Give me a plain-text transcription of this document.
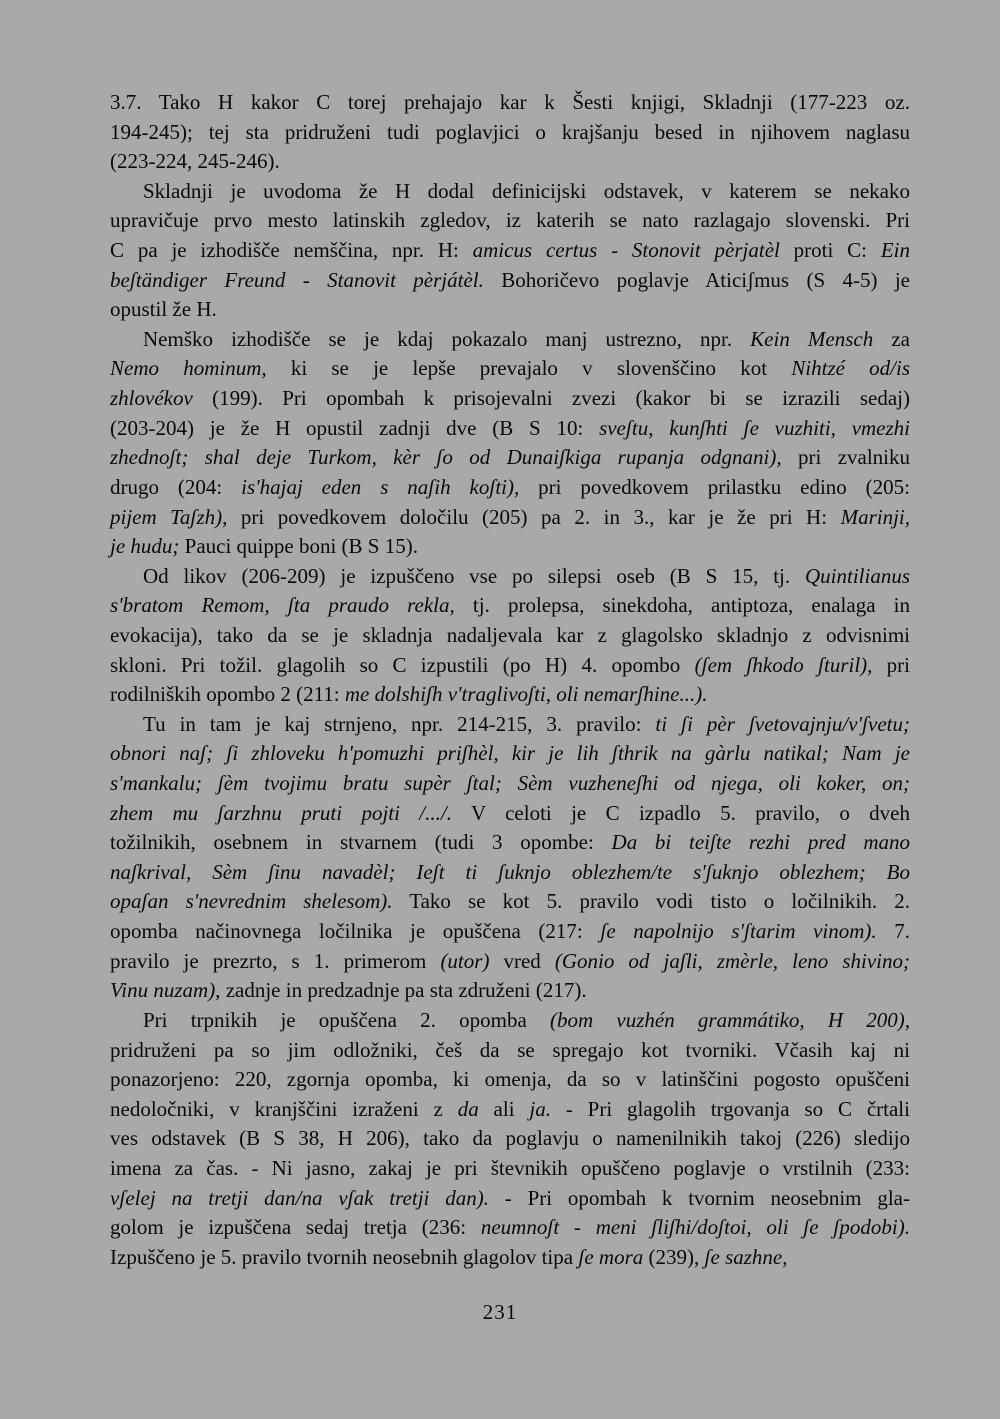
3.7. Tako H kakor C torej prehajajo kar k Šesti knjigi, Skladnji (177-223 oz.
194-245); tej sta pridruženi tudi poglavjici o krajšanju besed in njihovem naglasu
(223-224, 245-246).
Skladnji je uvodoma že H dodal definicijski odstavek, v katerem se nekako
upravičuje prvo mesto latinskih zgledov, iz katerih se nato razlagajo slovenski. Pri
C pa je izhodišče nemščina, npr. H: amicus certus - Stonovit pèrjatèl proti C: Ein
beʃtändiger Freund - Stanovit pèrjátèl. Bohoričevo poglavje Aticiʃmus (S 4-5) je
opustil že H.
Nemško izhodišče se je kdaj pokazalo manj ustrezno, npr. Kein Mensch za
Nemo hominum, ki se je lepše prevajalo v slovenščino kot Nihtzé od/is
zhlovékov (199). Pri opombah k prisojevalni zvezi (kakor bi se izrazili sedaj)
(203-204) je že H opustil zadnji dve (B S 10: sveʃtu, kunʃhti ʃe vuzhiti, vmezhi
zhednoʃt; shal deje Turkom, kèr ʃo od Dunaiʃkiga rupanja odgnani), pri zvalniku
drugo (204: is'hajaj eden s naʃih koʃti), pri povedkovem prilastku edino (205:
pijem Taʃzh), pri povedkovem določilu (205) pa 2. in 3., kar je že pri H: Marinji,
je hudu; Pauci quippe boni (B S 15).
Od likov (206-209) je izpuščeno vse po silepsi oseb (B S 15, tj. Quintilianus
s'bratom Remom, ʃta praudo rekla, tj. prolepsa, sinekdoha, antiptoza, enalaga in
evokacija), tako da se je skladnja nadaljevala kar z glagolsko skladnjo z odvisnimi
skloni. Pri tožil. glagolih so C izpustili (po H) 4. opombo (ʃem ʃhkodo ʃturil), pri
rodilniških opombo 2 (211: me dolshiʃh v'traglivoʃti, oli nemarʃhine...).
Tu in tam je kaj strnjeno, npr. 214-215, 3. pravilo: ti ʃi pèr ʃvetovajnju/v'ʃvetu;
obnori naʃ; ʃi zhloveku h'pomuzhi priʃhèl, kir je lih ʃthrik na gàrlu natikal; Nam je
s'mankalu; ʃèm tvojimu bratu supèr ʃtal; Sèm vuzheneʃhi od njega, oli koker, on;
zhem mu ʃarzhnu pruti pojti /.../. V celoti je C izpadlo 5. pravilo, o dveh
tožilnikih, osebnem in stvarnem (tudi 3 opombe: Da bi teiʃte rezhi pred mano
naʃkrival, Sèm ʃinu navadèl; Ieʃt ti ʃuknjo oblezhem/te s'ʃuknjo oblezhem; Bo
opaʃan s'nevrednim shelesom). Tako se kot 5. pravilo vodi tisto o ločilnikih. 2.
opomba načinovnega ločilnika je opuščena (217: ʃe napolnijo s'ʃtarim vinom). 7.
pravilo je prezrto, s 1. primerom (utor) vred (Gonio od jaʃli, zmèrle, leno shivino;
Vinu nuzam), zadnje in predzadnje pa sta združeni (217).
Pri trpnikih je opuščena 2. opomba (bom vuzhén grammátiko, H 200),
pridruženi pa so jim odložniki, češ da se spregajo kot tvorniki. Včasih kaj ni
ponazorjeno: 220, zgornja opomba, ki omenja, da so v latinščini pogosto opuščeni
nedoločniki, v kranjščini izraženi z da ali ja. - Pri glagolih trgovanja so C črtali
ves odstavek (B S 38, H 206), tako da poglavju o namenilnikih takoj (226) sledijo
imena za čas. - Ni jasno, zakaj je pri števnikih opuščeno poglavje o vrstilnih (233:
vʃelej na tretji dan/na vʃak tretji dan). - Pri opombah k tvornim neosebnim gla-
golom je izpuščena sedaj tretja (236: neumnoʃt - meni ʃliʃhi/doʃtoi, oli ʃe ʃpodobi).
Izpuščeno je 5. pravilo tvornih neosebnih glagolov tipa ʃe mora (239), ʃe sazhne,
231
